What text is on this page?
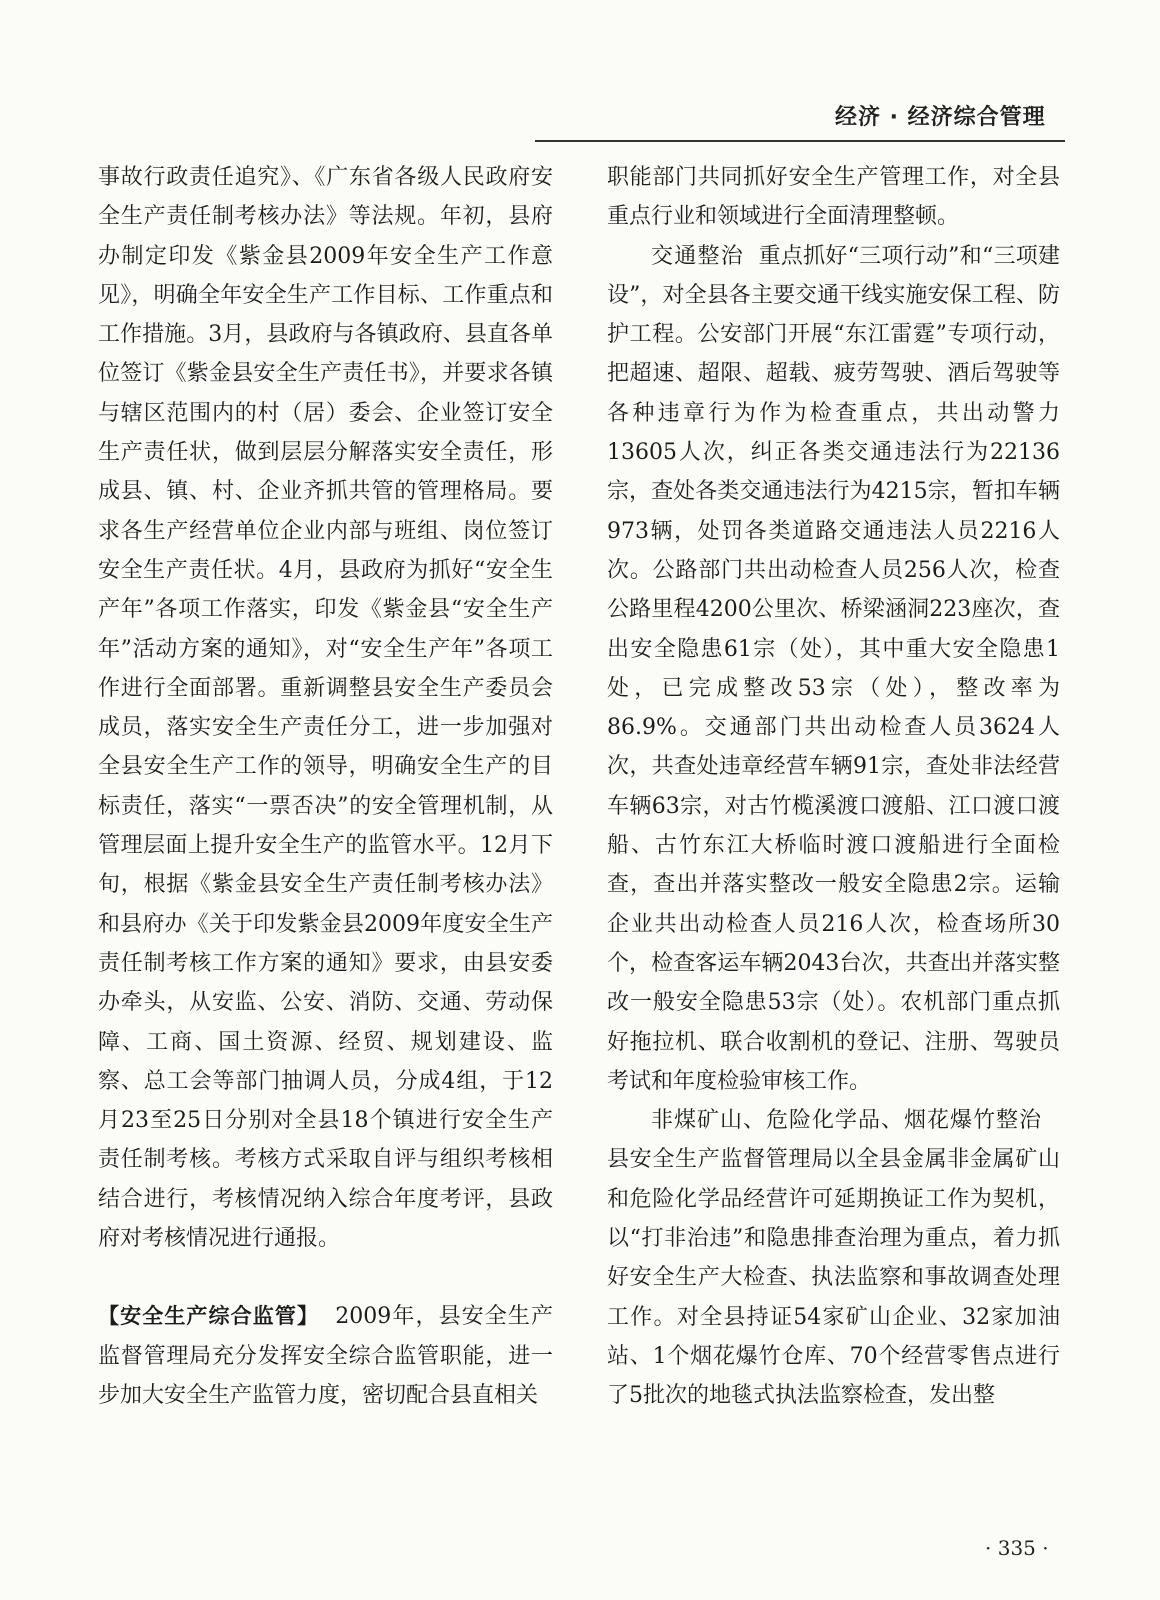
经济 · 经济综合管理

事故行政责任追究》、《广东省各级人民政府安全生产责任制考核办法》等法规。年初，县府办制定印发《紫金县2009年安全生产工作意见》，明确全年安全生产工作目标、工作重点和工作措施。3月，县政府与各镇政府、县直各单位签订《紫金县安全生产责任书》，并要求各镇与辖区范围内的村（居）委会、企业签订安全生产责任状，做到层层分解落实安全责任，形成县、镇、村、企业齐抓共管的管理格局。要求各生产经营单位企业内部与班组、岗位签订安全生产责任状。4月，县政府为抓好“安全生产年”各项工作落实，印发《紫金县“安全生产年”活动方案的通知》，对“安全生产年”各项工作进行全面部署。重新调整县安全生产委员会成员，落实安全生产责任分工，进一步加强对全县安全生产工作的领导，明确安全生产的目标责任，落实“一票否决”的安全管理机制，从管理层面上提升安全生产的监管水平。12月下旬，根据《紫金县安全生产责任制考核办法》和县府办《关于印发紫金县2009年度安全生产责任制考核工作方案的通知》要求，由县安委办牵头，从安监、公安、消防、交通、劳动保障、工商、国土资源、经贸、规划建设、监察、总工会等部门抽调人员，分成4组，于12月23至25日分别对全县18个镇进行安全生产责任制考核。考核方式采取自评与组织考核相结合进行，考核情况纳入综合年度考评，县政府对考核情况进行通报。

【安全生产综合监管】 2009年，县安全生产监督管理局充分发挥安全综合监管职能，进一步加大安全生产监管力度，密切配合县直相关

职能部门共同抓好安全生产管理工作，对全县重点行业和领域进行全面清理整顿。

交通整治 重点抓好“三项行动”和“三项建设”，对全县各主要交通干线实施安保工程、防护工程。公安部门开展“东江雷霆”专项行动，把超速、超限、超载、疲劳驾驶、酒后驾驶等各种违章行为作为检查重点，共出动警力13605人次，纠正各类交通违法行为22136宗，查处各类交通违法行为4215宗，暂扣车辆973辆，处罚各类道路交通违法人员2216人次。公路部门共出动检查人员256人次，检查公路里程4200公里次、桥梁涵洞223座次，查出安全隐患61宗（处），其中重大安全隐患1处，已完成整改53宗（处），整改率为86.9%。交通部门共出动检查人员3624人次，共查处违章经营车辆91宗，查处非法经营车辆63宗，对古竹榄溪渡口渡船、江口渡口渡船、古竹东江大桥临时渡口渡船进行全面检查，查出并落实整改一般安全隐患2宗。运输企业共出动检查人员216人次，检查场所30个，检查客运车辆2043台次，共查出并落实整改一般安全隐患53宗（处）。农机部门重点抓好拖拉机、联合收割机的登记、注册、驾驶员考试和年度检验审核工作。

非煤矿山、危险化学品、烟花爆竹整治

县安全生产监督管理局以全县金属非金属矿山和危险化学品经营许可延期换证工作为契机，以“打非治违”和隐患排查治理为重点，着力抓好安全生产大检查、执法监察和事故调查处理工作。对全县持证54家矿山企业、32家加油站、1个烟花爆竹仓库、70个经营零售点进行了5批次的地毯式执法监察检查，发出整

· 335 ·
